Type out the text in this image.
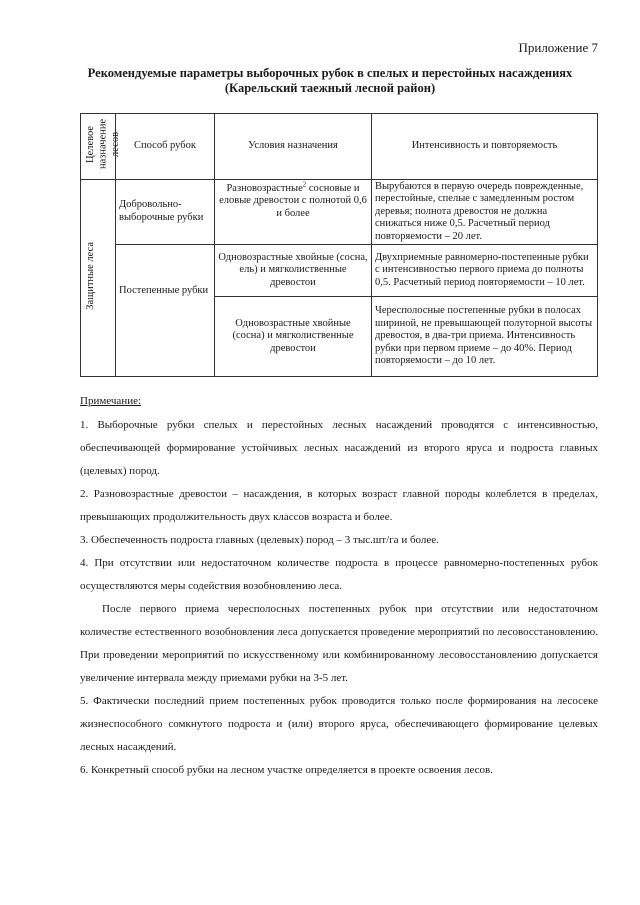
Приложение 7
Рекомендуемые параметры выборочных рубок в спелых и перестойных насаждениях
(Карельский таежный лесной район)
Целевое назначение лесов	Способ рубок	Условия назначения	Интенсивность и повторяемость
Защитные леса	Добровольно-выборочные рубки	Разновозрастные$^2$ сосновые и еловые древостои с полнотой 0,6 и более	Вырубаются в первую очередь поврежденные, перестойные, спелые с замедленным ростом деревья; полнота древостоя не должна снижаться ниже 0,5. Расчетный период повторяемости – 20 лет.
	Постепенные рубки	Одновозрастные хвойные (сосна, ель) и мягколиственные древостои	Двухприемные равномерно-постепенные рубки с интенсивностью первого приема до полноты 0,5. Расчетный период повторяемости – 10 лет.
		Одновозрастные хвойные (сосна) и мягколиственные древостои	Чересполосные постепенные рубки в полосах шириной, не превышающей полуторной высоты древостоя, в два-три приема. Интенсивность рубки при первом приеме – до 40%. Период повторяемости – до 10 лет.

Примечание:

1. Выборочные рубки спелых и перестойных лесных насаждений проводятся с интенсивностью, обеспечивающей формирование устойчивых лесных насаждений из второго яруса и подроста главных (целевых) пород.

2. Разновозрастные древостои – насаждения, в которых возраст главной породы колеблется в пределах, превышающих продолжительность двух классов возраста и более.

3. Обеспеченность подроста главных (целевых) пород – 3 тыс.шт/га и более.

4. При отсутствии или недостаточном количестве подроста в процессе равномерно-постепенных рубок осуществляются меры содействия возобновлению леса.

После первого приема чересполосных постепенных рубок при отсутствии или недостаточном количестве естественного возобновления леса допускается проведение мероприятий по лесовосстановлению. При проведении мероприятий по искусственному или комбинированному лесовосстановлению допускается увеличение интервала между приемами рубки на 3-5 лет.

5. Фактически последний прием постепенных рубок проводится только после формирования на лесосеке жизнеспособного сомкнутого подроста и (или) второго яруса, обеспечивающего формирование целевых лесных насаждений.

6. Конкретный способ рубки на лесном участке определяется в проекте освоения лесов.
